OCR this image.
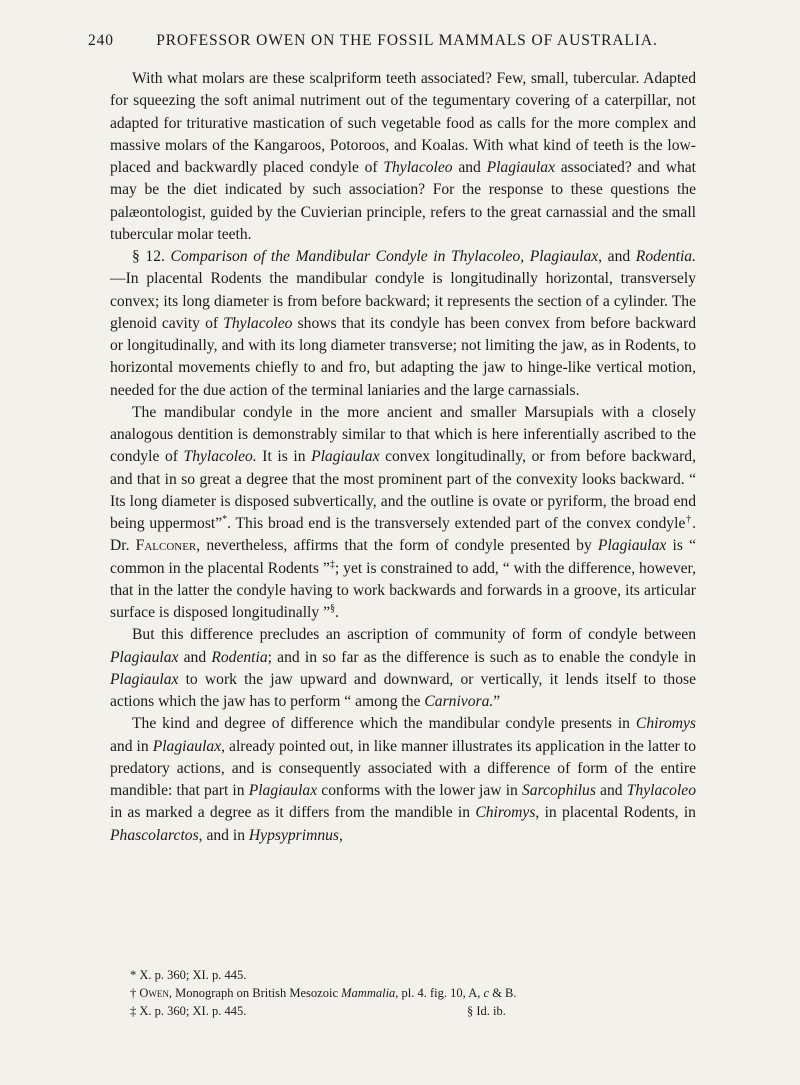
240	PROFESSOR OWEN ON THE FOSSIL MAMMALS OF AUSTRALIA.

With what molars are these scalpriform teeth associated? Few, small, tubercular. Adapted for squeezing the soft animal nutriment out of the tegumentary covering of a caterpillar, not adapted for triturative mastication of such vegetable food as calls for the more complex and massive molars of the Kangaroos, Potoroos, and Koalas. With what kind of teeth is the low-placed and backwardly placed condyle of Thylacoleo and Plagiaulax associated? and what may be the diet indicated by such association? For the response to these questions the palæontologist, guided by the Cuvierian principle, refers to the great carnassial and the small tubercular molar teeth.

§ 12. Comparison of the Mandibular Condyle in Thylacoleo, Plagiaulax, and Rodentia. —In placental Rodents the mandibular condyle is longitudinally horizontal, transversely convex; its long diameter is from before backward; it represents the section of a cylinder. The glenoid cavity of Thylacoleo shows that its condyle has been convex from before backward or longitudinally, and with its long diameter transverse; not limiting the jaw, as in Rodents, to horizontal movements chiefly to and fro, but adapting the jaw to hinge-like vertical motion, needed for the due action of the terminal laniaries and the large carnassials.

The mandibular condyle in the more ancient and smaller Marsupials with a closely analogous dentition is demonstrably similar to that which is here inferentially ascribed to the condyle of Thylacoleo. It is in Plagiaulax convex longitudinally, or from before backward, and that in so great a degree that the most prominent part of the convexity looks backward. “ Its long diameter is disposed subvertically, and the outline is ovate or pyriform, the broad end being uppermost”*. This broad end is the transversely extended part of the convex condyle†. Dr. Falconer, nevertheless, affirms that the form of condyle presented by Plagiaulax is “ common in the placental Rodents ”‡; yet is constrained to add, “ with the difference, however, that in the latter the condyle having to work backwards and forwards in a groove, its articular surface is disposed longitudinally ”§.

But this difference precludes an ascription of community of form of condyle between Plagiaulax and Rodentia; and in so far as the difference is such as to enable the condyle in Plagiaulax to work the jaw upward and downward, or vertically, it lends itself to those actions which the jaw has to perform “ among the Carnivora.”

The kind and degree of difference which the mandibular condyle presents in Chiromys and in Plagiaulax, already pointed out, in like manner illustrates its application in the latter to predatory actions, and is consequently associated with a difference of form of the entire mandible: that part in Plagiaulax conforms with the lower jaw in Sarcophilus and Thylacoleo in as marked a degree as it differs from the mandible in Chiromys, in placental Rodents, in Phascolarctos, and in Hypsyprimnus,

* X. p. 360; XI. p. 445.
† Owen, Monograph on British Mesozoic Mammalia, pl. 4. fig. 10, A, c & B.
‡ X. p. 360; XI. p. 445.	§ Id. ib.
